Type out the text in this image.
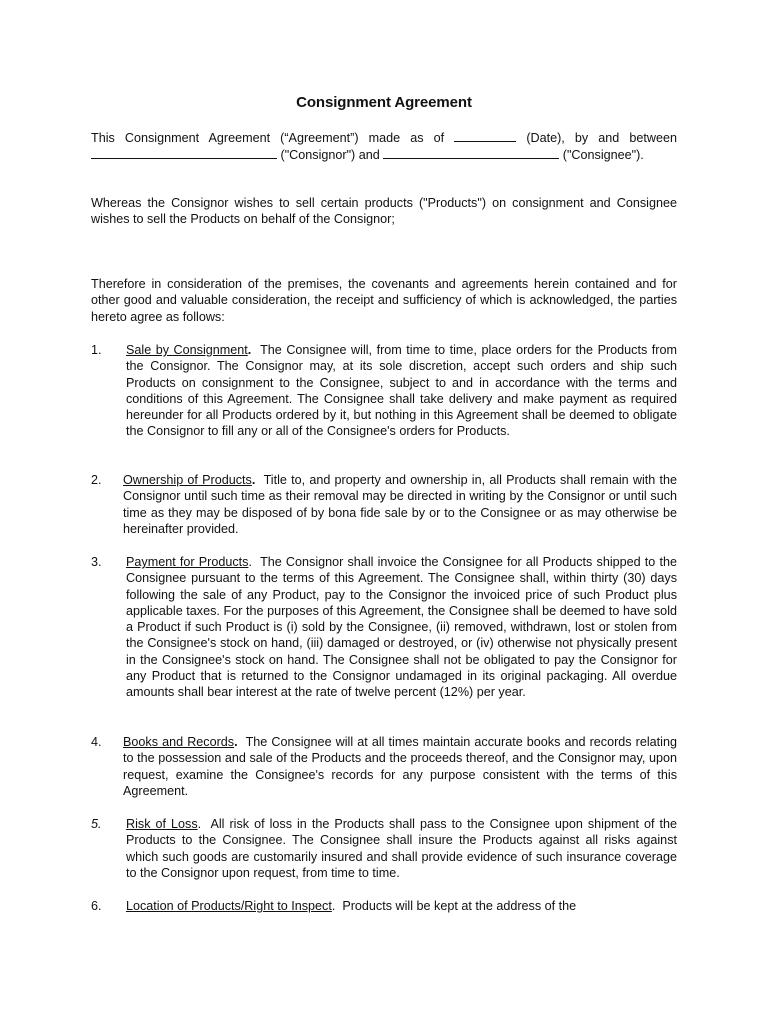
Consignment Agreement
This Consignment Agreement (“Agreement”) made as of	(Date), by and between  ("Consignor") and	("Consignee").
Whereas the Consignor wishes to sell certain products ("Products") on consignment and Consignee wishes to sell the Products on behalf of the Consignor;
Therefore in consideration of the premises, the covenants and agreements herein contained and for other good and valuable consideration, the receipt and sufficiency of which is acknowledged, the parties hereto agree as follows:
1. Sale by Consignment. The Consignee will, from time to time, place orders for the Products from the Consignor. The Consignor may, at its sole discretion, accept such orders and ship such Products on consignment to the Consignee, subject to and in accordance with the terms and conditions of this Agreement. The Consignee shall take delivery and make payment as required hereunder for all Products ordered by it, but nothing in this Agreement shall be deemed to obligate the Consignor to fill any or all of the Consignee's orders for Products.
2. Ownership of Products. Title to, and property and ownership in, all Products shall remain with the Consignor until such time as their removal may be directed in writing by the Consignor or until such time as they may be disposed of by bona fide sale by or to the Consignee or as may otherwise be hereinafter provided.
3. Payment for Products.  The Consignor shall invoice the Consignee for all Products shipped to the Consignee pursuant to the terms of this Agreement. The Consignee shall, within thirty (30) days following the sale of any Product, pay to the Consignor the invoiced price of such Product plus applicable taxes. For the purposes of this Agreement, the Consignee shall be deemed to have sold a Product if such Product is (i) sold by the Consignee, (ii) removed, withdrawn, lost or stolen from the Consignee's stock on hand, (iii) damaged or destroyed, or (iv) otherwise not physically present in the Consignee's stock on hand. The Consignee shall not be obligated to pay the Consignor for any Product that is returned to the Consignor undamaged in its original packaging. All overdue amounts shall bear interest at the rate of twelve percent (12%) per year.
4. Books and Records. The Consignee will at all times maintain accurate books and records relating to the possession and sale of the Products and the proceeds thereof, and the Consignor may, upon request, examine the Consignee's records for any purpose consistent with the terms of this Agreement.
5. Risk of Loss.  All risk of loss in the Products shall pass to the Consignee upon shipment of the Products to the Consignee. The Consignee shall insure the Products against all risks against which such goods are customarily insured and shall provide evidence of such insurance coverage to the Consignor upon request, from time to time.
6. Location of Products/Right to Inspect.  Products will be kept at the address of the
